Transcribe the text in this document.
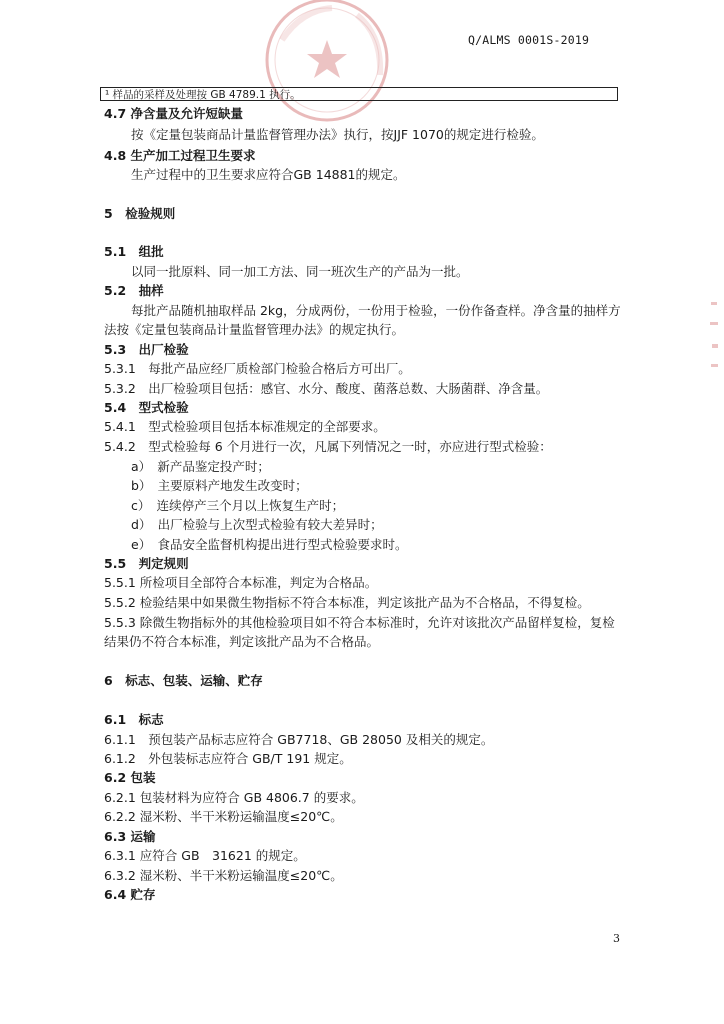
Q/ALMS 0001S-2019
¹ 样品的采样及处理按 GB 4789.1 执行。
4.7 净含量及允许短缺量
按《定量包装商品计量监督管理办法》执行，按JJF 1070的规定进行检验。
4.8 生产加工过程卫生要求
生产过程中的卫生要求应符合GB 14881的规定。
5　检验规则
5.1　组批
以同一批原料、同一加工方法、同一班次生产的产品为一批。
5.2　抽样
每批产品随机抽取样品 2kg，分成两份，一份用于检验，一份作备查样。净含量的抽样方
法按《定量包装商品计量监督管理办法》的规定执行。
5.3　出厂检验
5.3.1　每批产品应经厂质检部门检验合格后方可出厂。
5.3.2　出厂检验项目包括：感官、水分、酸度、菌落总数、大肠菌群、净含量。
5.4　型式检验
5.4.1　型式检验项目包括本标准规定的全部要求。
5.4.2　型式检验每 6 个月进行一次，凡属下列情况之一时，亦应进行型式检验：
a）　新产品鉴定投产时；
b）　主要原料产地发生改变时；
c）　连续停产三个月以上恢复生产时；
d）　出厂检验与上次型式检验有较大差异时；
e）　食品安全监督机构提出进行型式检验要求时。
5.5　判定规则
5.5.1 所检项目全部符合本标准，判定为合格品。
5.5.2 检验结果中如果微生物指标不符合本标准，判定该批产品为不合格品，不得复检。
5.5.3 除微生物指标外的其他检验项目如不符合本标准时，允许对该批次产品留样复检，复检
结果仍不符合本标准，判定该批产品为不合格品。
6　标志、包装、运输、贮存
6.1　标志
6.1.1　预包装产品标志应符合 GB7718、GB 28050 及相关的规定。
6.1.2　外包装标志应符合 GB/T 191 规定。
6.2 包装
6.2.1 包装材料为应符合 GB 4806.7 的要求。
6.2.2 湿米粉、半干米粉运输温度≤20℃。
6.3 运输
6.3.1 应符合 GB　31621 的规定。
6.3.2 湿米粉、半干米粉运输温度≤20℃。
6.4 贮存
3
